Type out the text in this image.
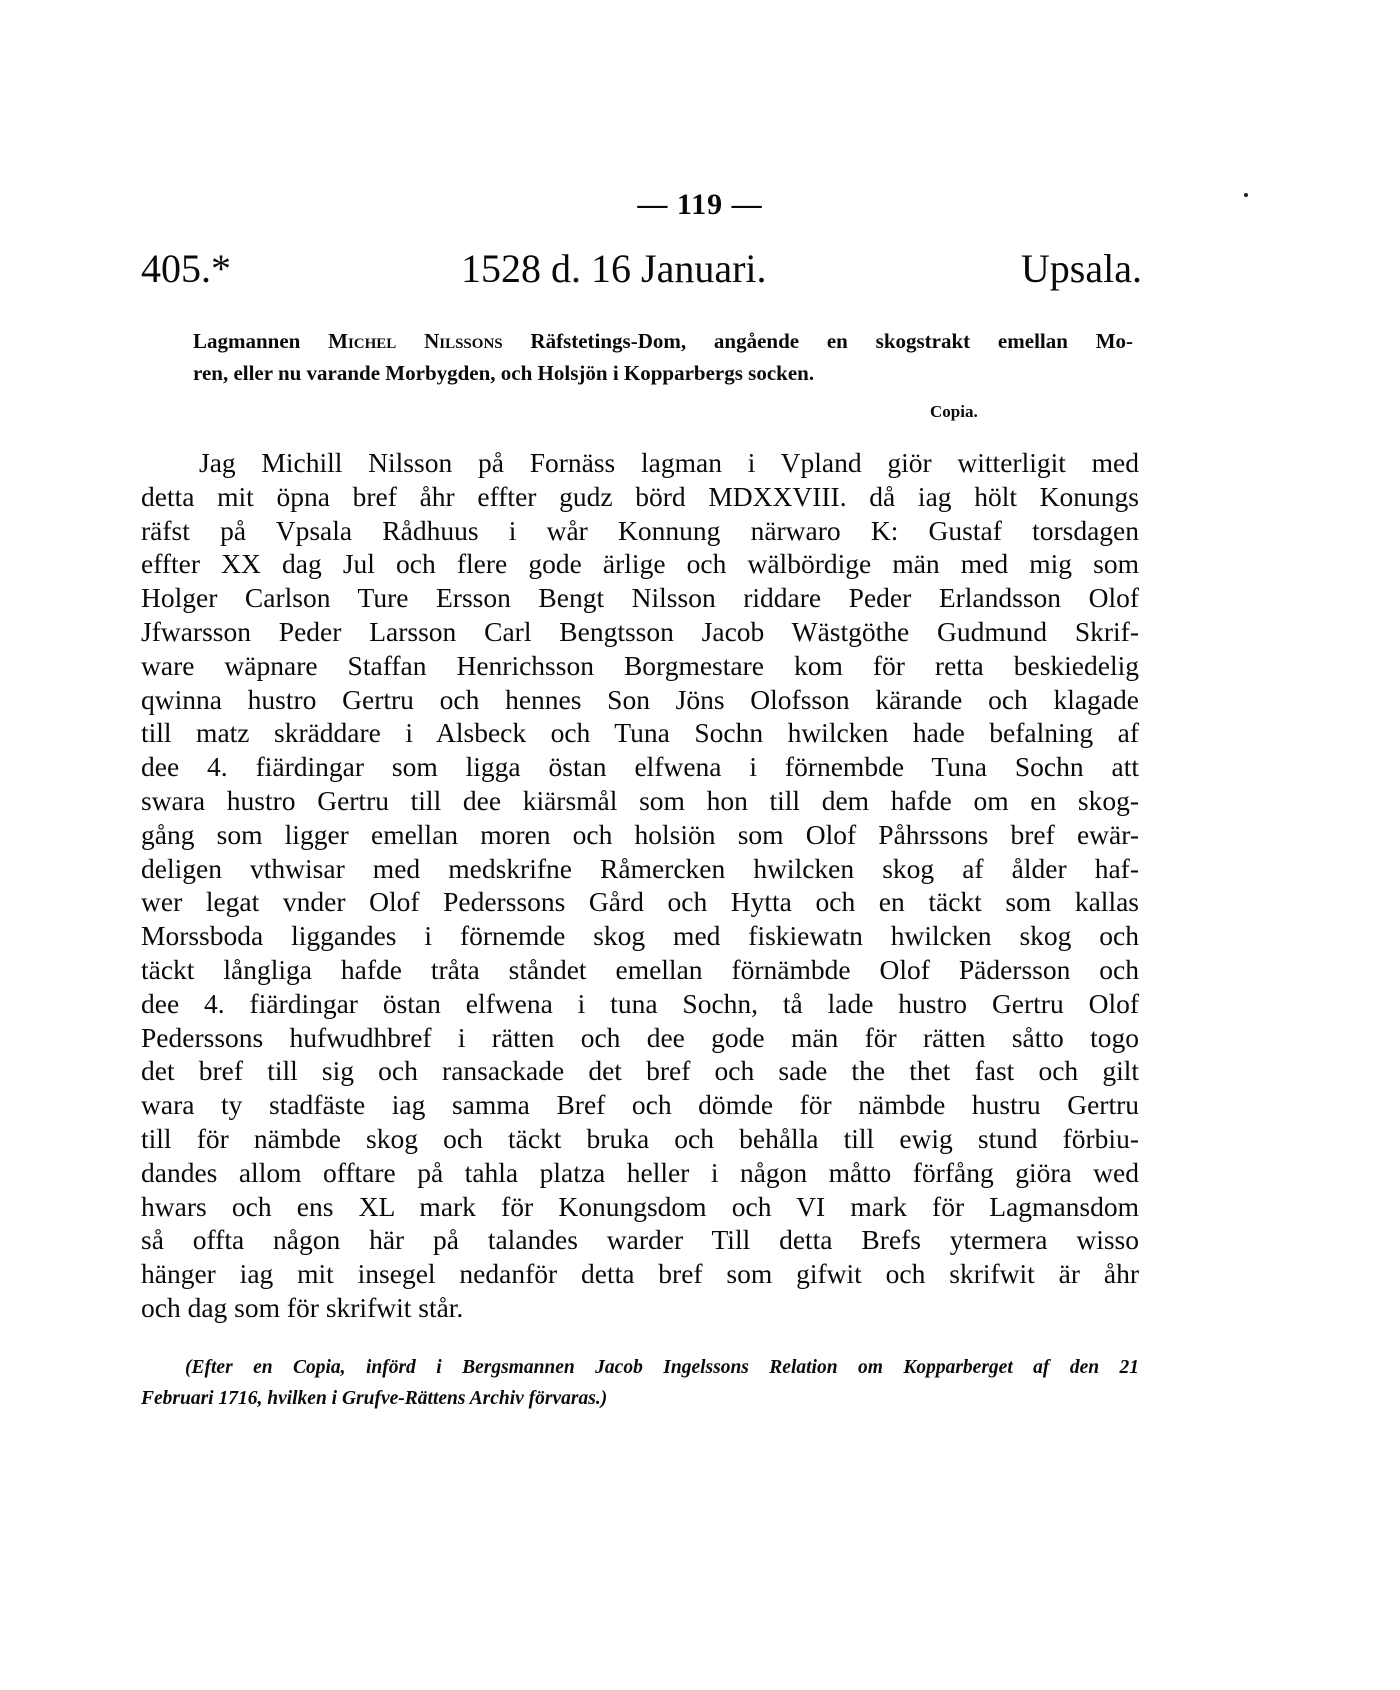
— 119 —
405.*	1528 d. 16 Januari.	Upsala.
Lagmannen Michel Nilssons Räfstetings-Dom, angående en skogstrakt emellan Mo-
ren, eller nu varande Morbygden, och Holsjön i Kopparbergs socken.
Copia.
Jag Michill Nilsson på Fornäss lagman i Vpland giör witterligit med
detta mit öpna bref åhr effter gudz börd MDXXVIII. då iag hölt Konungs
räfst på Vpsala Rådhuus i wår Konnung närwaro K: Gustaf torsdagen
effter XX dag Jul och flere gode ärlige och wälbördige män med mig som
Holger Carlson Ture Ersson Bengt Nilsson riddare Peder Erlandsson Olof
Jfwarsson Peder Larsson Carl Bengtsson Jacob Wästgöthe Gudmund Skrif-
ware wäpnare Staffan Henrichsson Borgmestare kom för retta beskiedelig
qwinna hustro Gertru och hennes Son Jöns Olofsson kärande och klagade
till matz skräddare i Alsbeck och Tuna Sochn hwilcken hade befalning af
dee 4. fiärdingar som ligga östan elfwena i förnembde Tuna Sochn att
swara hustro Gertru till dee kiärsmål som hon till dem hafde om en skog-
gång som ligger emellan moren och holsiön som Olof Påhrssons bref ewär-
deligen vthwisar med medskrifne Råmercken hwilcken skog af ålder haf-
wer legat vnder Olof Pederssons Gård och Hytta och en täckt som kallas
Morssboda liggandes i förnemde skog med fiskiewatn hwilcken skog och
täckt långliga hafde tråta ståndet emellan förnämbde Olof Pädersson och
dee 4. fiärdingar östan elfwena i tuna Sochn, tå lade hustro Gertru Olof
Pederssons hufwudhbref i rätten och dee gode män för rätten såtto togo
det bref till sig och ransackade det bref och sade the thet fast och gilt
wara ty stadfäste iag samma Bref och dömde för nämbde hustru Gertru
till för nämbde skog och täckt bruka och behålla till ewig stund förbiu-
dandes allom offtare på tahla platza heller i någon måtto förfång giöra wed
hwars och ens XL mark för Konungsdom och VI mark för Lagmansdom
så offta någon här på talandes warder Till detta Brefs ytermera wisso
hänger iag mit insegel nedanför detta bref som gifwit och skrifwit är åhr
och dag som för skrifwit står.
(Efter en Copia, införd i Bergsmannen Jacob Ingelssons Relation om Kopparberget af den 21
Februari 1716, hvilken i Grufve-Rättens Archiv förvaras.)
